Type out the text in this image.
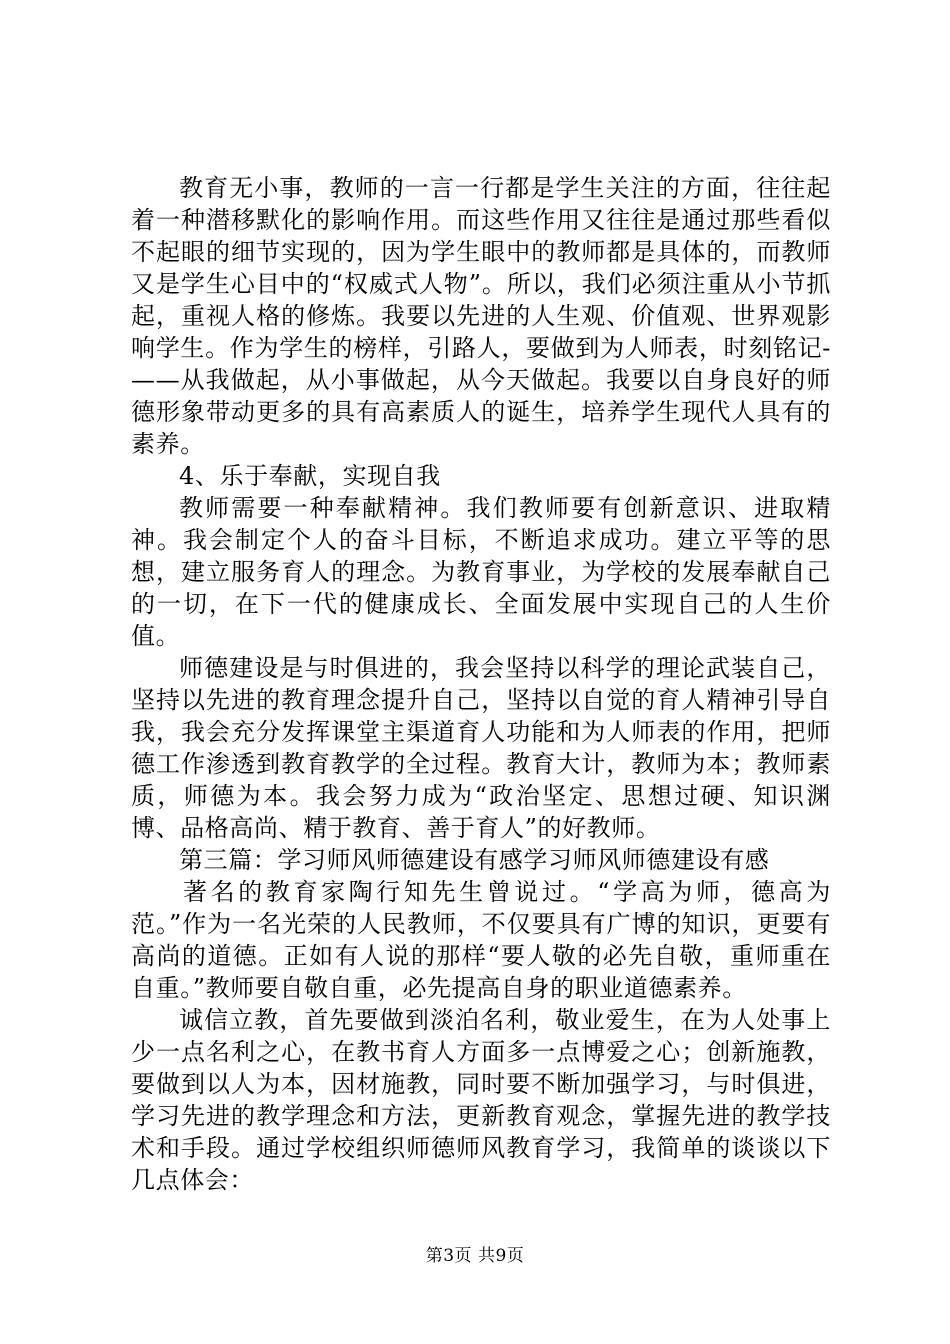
教育无小事，教师的一言一行都是学生关注的方面，往往起着一种潜移默化的影响作用。而这些作用又往往是通过那些看似不起眼的细节实现的，因为学生眼中的教师都是具体的，而教师又是学生心目中的“权威式人物”。所以，我们必须注重从小节抓起，重视人格的修炼。我要以先进的人生观、价值观、世界观影响学生。作为学生的榜样，引路人，要做到为人师表，时刻铭记-——从我做起，从小事做起，从今天做起。我要以自身良好的师德形象带动更多的具有高素质人的诞生，培养学生现代人具有的素养。

4、乐于奉献，实现自我

教师需要一种奉献精神。我们教师要有创新意识、进取精神。我会制定个人的奋斗目标，不断追求成功。建立平等的思想，建立服务育人的理念。为教育事业，为学校的发展奉献自己的一切，在下一代的健康成长、全面发展中实现自己的人生价值。

师德建设是与时俱进的，我会坚持以科学的理论武装自己，坚持以先进的教育理念提升自己，坚持以自觉的育人精神引导自我，我会充分发挥课堂主渠道育人功能和为人师表的作用，把师德工作渗透到教育教学的全过程。教育大计，教师为本；教师素质，师德为本。我会努力成为“政治坚定、思想过硬、知识渊博、品格高尚、精于教育、善于育人”的好教师。

第三篇：学习师风师德建设有感学习师风师德建设有感

著名的教育家陶行知先生曾说过。“学高为师，德高为范。”作为一名光荣的人民教师，不仅要具有广博的知识，更要有高尚的道德。正如有人说的那样“要人敬的必先自敬，重师重在自重。”教师要自敬自重，必先提高自身的职业道德素养。

诚信立教，首先要做到淡泊名利，敬业爱生，在为人处事上少一点名利之心，在教书育人方面多一点博爱之心；创新施教，要做到以人为本，因材施教，同时要不断加强学习，与时俱进，学习先进的教学理念和方法，更新教育观念，掌握先进的教学技术和手段。通过学校组织师德师风教育学习，我简单的谈谈以下几点体会：

第3页 共9页
